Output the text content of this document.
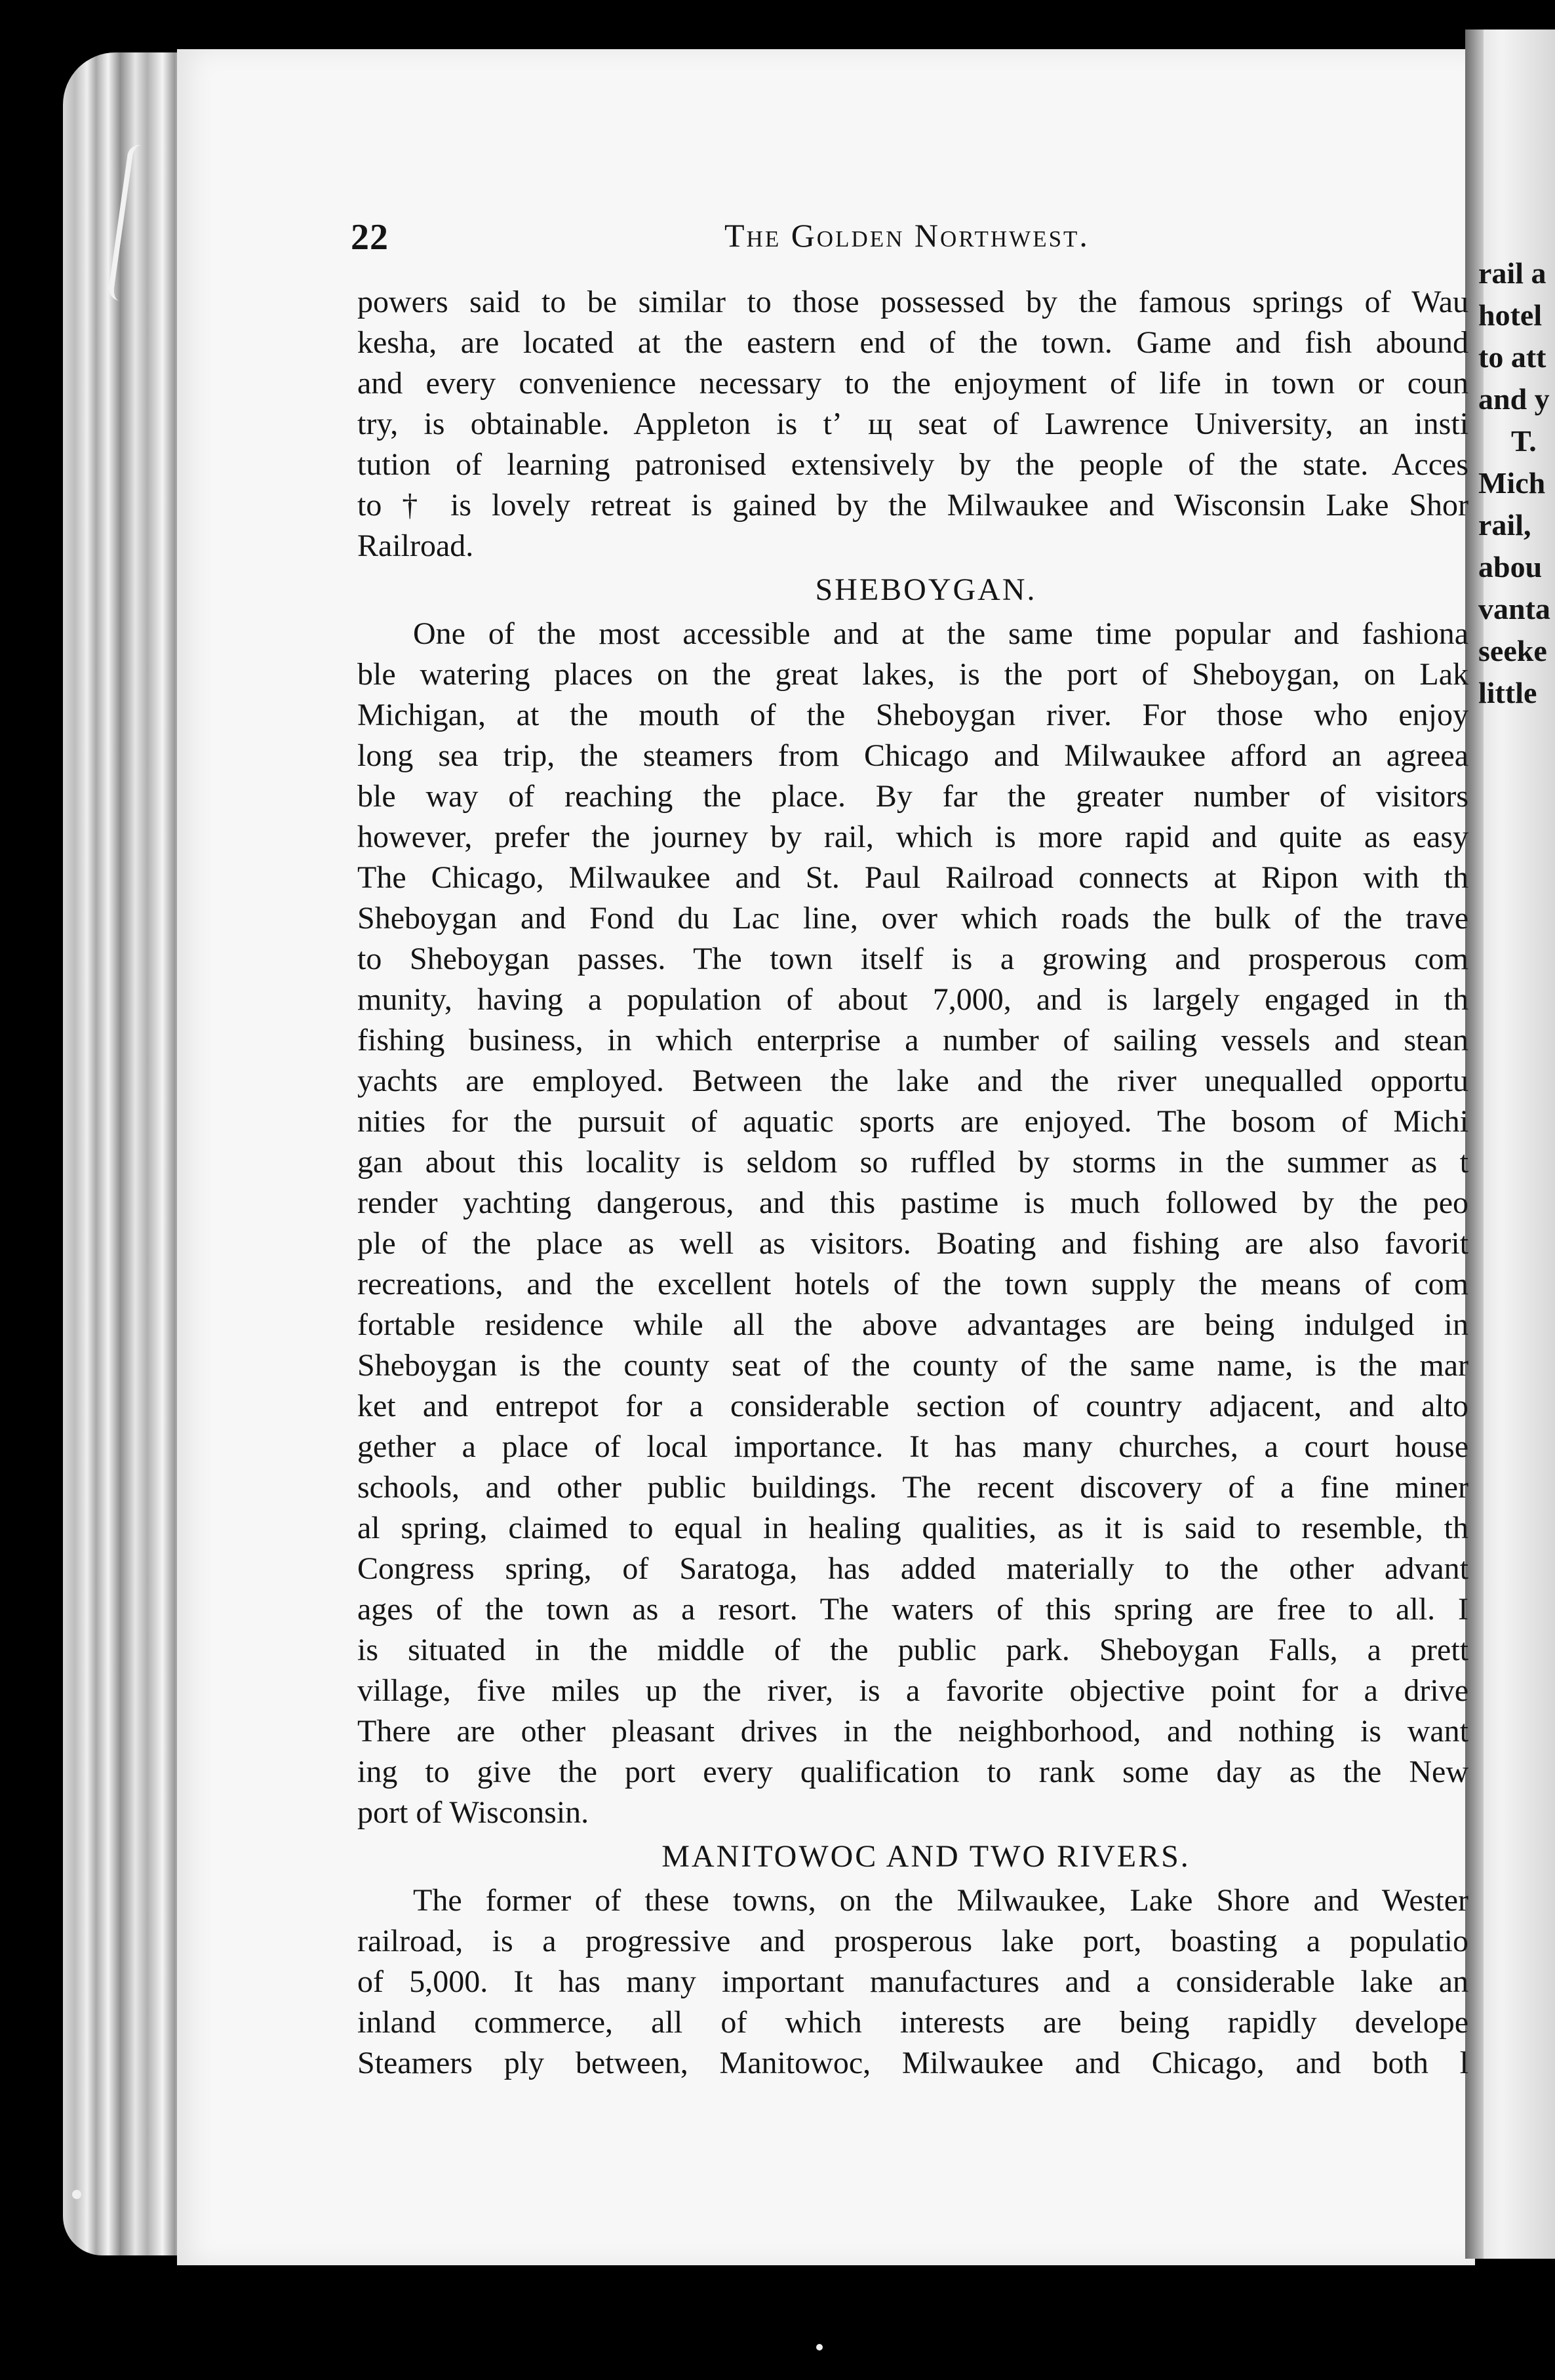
22	The Golden Northwest.
powers said to be similar to those possessed by the famous springs of Wau
kesha, are located at the eastern end of the town. Game and fish abound
and every convenience necessary to the enjoyment of life in town or coun
try, is obtainable. Appleton is tʼ щ seat of Lawrence University, an insti
tution of learning patronised extensively by the people of the state. Acces
to † is lovely retreat is gained by the Milwaukee and Wisconsin Lake Shor
Railroad.
SHEBOYGAN.
One of the most accessible and at the same time popular and fashiona
ble watering places on the great lakes, is the port of Sheboygan, on Lak
Michigan, at the mouth of the Sheboygan river. For those who enjoy
long sea trip, the steamers from Chicago and Milwaukee afford an agreea
ble way of reaching the place. By far the greater number of visitors
however, prefer the journey by rail, which is more rapid and quite as easy
The Chicago, Milwaukee and St. Paul Railroad connects at Ripon with th
Sheboygan and Fond du Lac line, over which roads the bulk of the trave
to Sheboygan passes. The town itself is a growing and prosperous com
munity, having a population of about 7,000, and is largely engaged in th
fishing business, in which enterprise a number of sailing vessels and stean
yachts are employed. Between the lake and the river unequalled opportu
nities for the pursuit of aquatic sports are enjoyed. The bosom of Michi
gan about this locality is seldom so ruffled by storms in the summer as t
render yachting dangerous, and this pastime is much followed by the peo
ple of the place as well as visitors. Boating and fishing are also favorit
recreations, and the excellent hotels of the town supply the means of com
fortable residence while all the above advantages are being indulged in
Sheboygan is the county seat of the county of the same name, is the mar
ket and entrepot for a considerable section of country adjacent, and alto
gether a place of local importance. It has many churches, a court house
schools, and other public buildings. The recent discovery of a fine miner
al spring, claimed to equal in healing qualities, as it is said to resemble, th
Congress spring, of Saratoga, has added materially to the other advant
ages of the town as a resort. The waters of this spring are free to all. I
is situated in the middle of the public park. Sheboygan Falls, a prett
village, five miles up the river, is a favorite objective point for a drive
There are other pleasant drives in the neighborhood, and nothing is want
ing to give the port every qualification to rank some day as the New
port of Wisconsin.
MANITOWOC AND TWO RIVERS.
The former of these towns, on the Milwaukee, Lake Shore and Wester
railroad, is a progressive and prosperous lake port, boasting a populatio
of 5,000. It has many important manufactures and a considerable lake an
inland commerce, all of which interests are being rapidly develope
Steamers ply between, Manitowoc, Milwaukee and Chicago, and both l
rail a
hotel
to att
and y
T.
Mich
rail,
abou
vanta
seeke
little
